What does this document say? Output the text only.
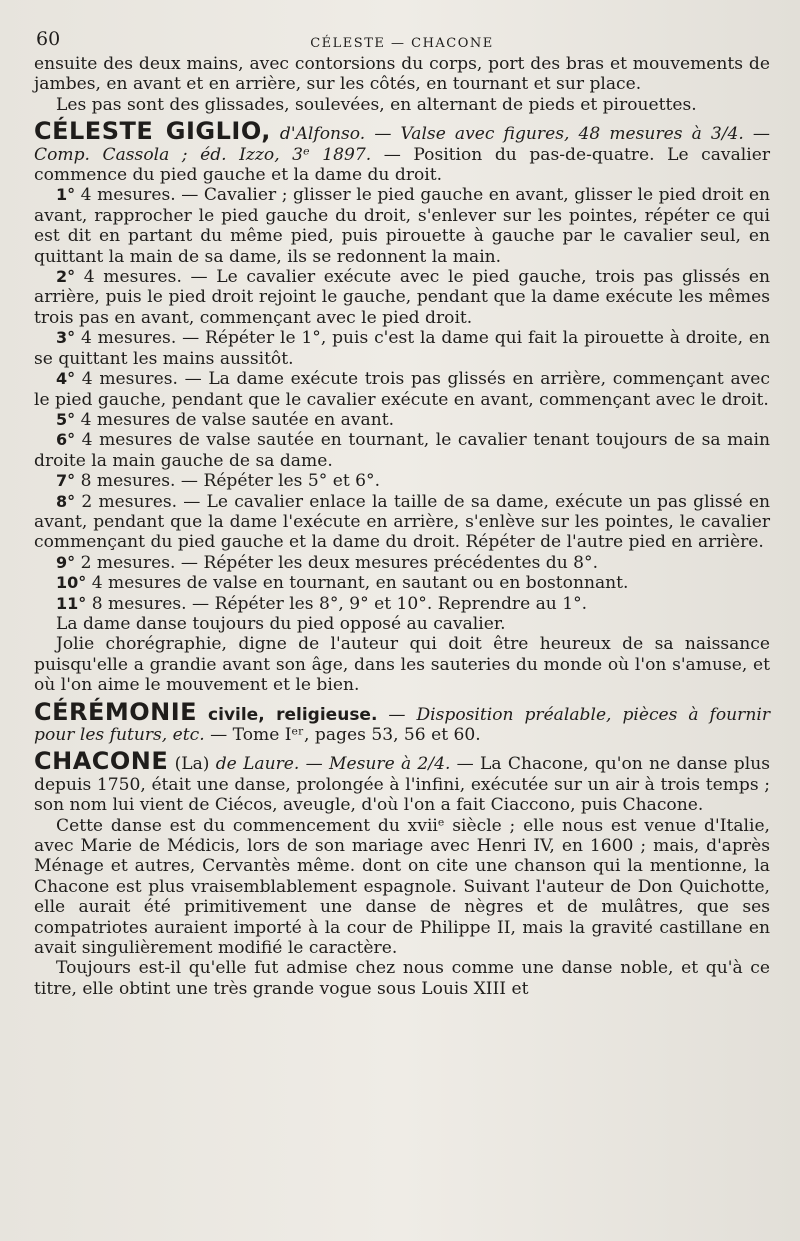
60	CÉLESTE — CHACONE

ensuite des deux mains, avec contorsions du corps, port des bras et mouvements de jambes, en avant et en arrière, sur les côtés, en tournant et sur place.

Les pas sont des glissades, soulevées, en alternant de pieds et pirouettes.

CÉLESTE GIGLIO, d'Alfonso. — Valse avec figures, 48 mesures à 3/4. — Comp. Cassola ; éd. Izzo, 3ᵉ 1897. — Position du pas-de-quatre. Le cavalier commence du pied gauche et la dame du droit.

1° 4 mesures. — Cavalier ; glisser le pied gauche en avant, glisser le pied droit en avant, rapprocher le pied gauche du droit, s'enlever sur les pointes, répéter ce qui est dit en partant du même pied, puis pirouette à gauche par le cavalier seul, en quittant la main de sa dame, ils se redonnent la main.

2° 4 mesures. — Le cavalier exécute avec le pied gauche, trois pas glissés en arrière, puis le pied droit rejoint le gauche, pendant que la dame exécute les mêmes trois pas en avant, commençant avec le pied droit.

3° 4 mesures. — Répéter le 1°, puis c'est la dame qui fait la pirouette à droite, en se quittant les mains aussitôt.

4° 4 mesures. — La dame exécute trois pas glissés en arrière, commençant avec le pied gauche, pendant que le cavalier exécute en avant, commençant avec le droit.

5° 4 mesures de valse sautée en avant.

6° 4 mesures de valse sautée en tournant, le cavalier tenant toujours de sa main droite la main gauche de sa dame.

7° 8 mesures. — Répéter les 5° et 6°.

8° 2 mesures. — Le cavalier enlace la taille de sa dame, exécute un pas glissé en avant, pendant que la dame l'exécute en arrière, s'enlève sur les pointes, le cavalier commençant du pied gauche et la dame du droit. Répéter de l'autre pied en arrière.

9° 2 mesures. — Répéter les deux mesures précédentes du 8°.

10° 4 mesures de valse en tournant, en sautant ou en bostonnant.

11° 8 mesures. — Répéter les 8°, 9° et 10°. Reprendre au 1°.

La dame danse toujours du pied opposé au cavalier.

Jolie chorégraphie, digne de l'auteur qui doit être heureux de sa naissance puisqu'elle a grandie avant son âge, dans les sauteries du monde où l'on s'amuse, et où l'on aime le mouvement et le bien.

CÉRÉMONIE civile, religieuse. — Disposition préalable, pièces à fournir pour les futurs, etc. — Tome Iᵉʳ, pages 53, 56 et 60.

CHACONE (La) de Laure. — Mesure à 2/4. — La Chacone, qu'on ne danse plus depuis 1750, était une danse, prolongée à l'infini, exécutée sur un air à trois temps ; son nom lui vient de Ciécos, aveugle, d'où l'on a fait Ciaccono, puis Chacone.

Cette danse est du commencement du xviiᵉ siècle ; elle nous est venue d'Italie, avec Marie de Médicis, lors de son mariage avec Henri IV, en 1600 ; mais, d'après Ménage et autres, Cervantès même. dont on cite une chanson qui la mentionne, la Chacone est plus vraisemblablement espagnole. Suivant l'auteur de Don Quichotte, elle aurait été primitivement une danse de nègres et de mulâtres, que ses compatriotes auraient importé à la cour de Philippe II, mais la gravité castillane en avait singulièrement modifié le caractère.

Toujours est-il qu'elle fut admise chez nous comme une danse noble, et qu'à ce titre, elle obtint une très grande vogue sous Louis XIII et
